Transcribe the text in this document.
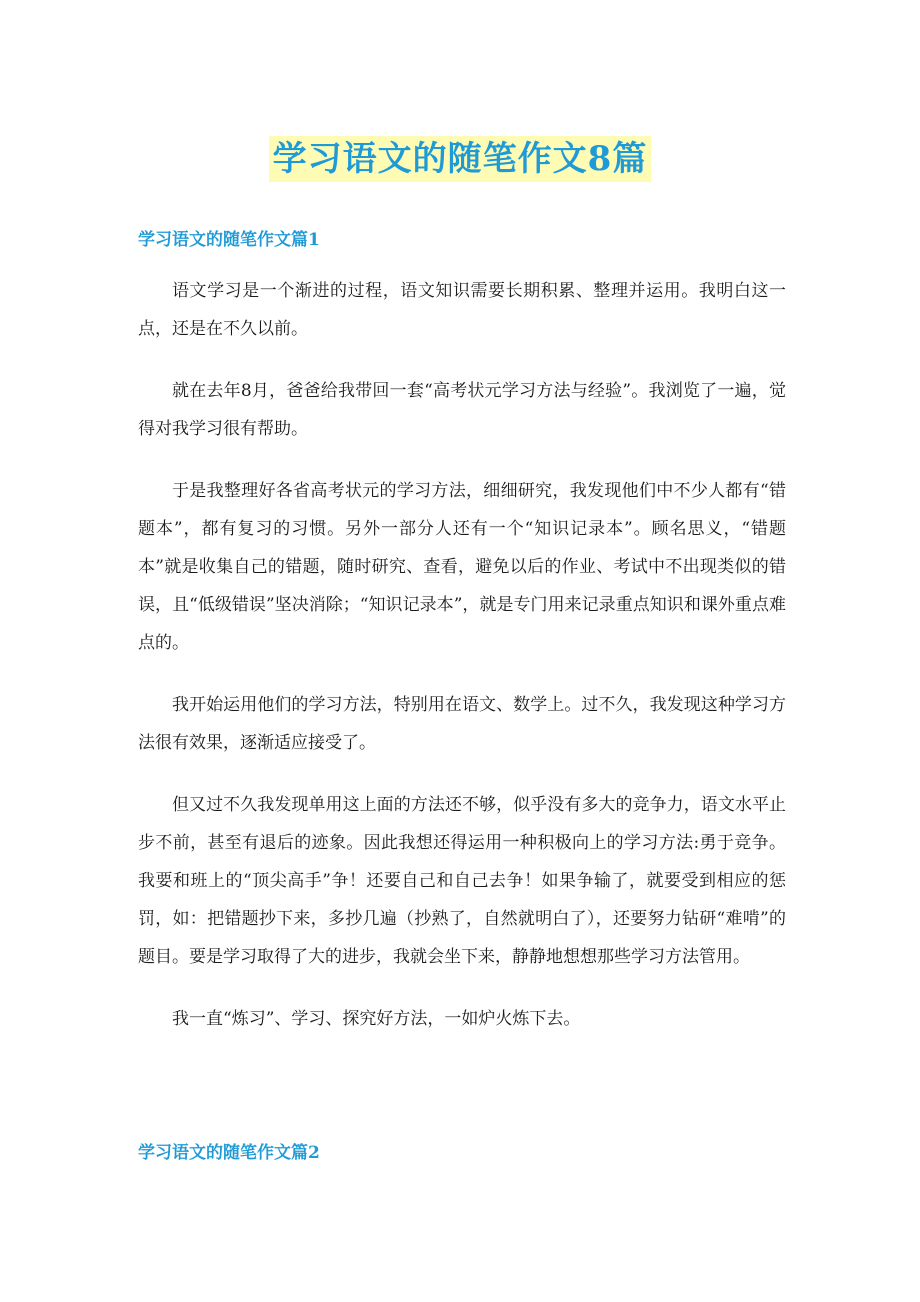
学习语文的随笔作文8篇
学习语文的随笔作文篇1

语文学习是一个渐进的过程，语文知识需要长期积累、整理并运用。我明白这一点，还是在不久以前。

就在去年8月，爸爸给我带回一套“高考状元学习方法与经验”。我浏览了一遍，觉得对我学习很有帮助。

于是我整理好各省高考状元的学习方法，细细研究，我发现他们中不少人都有“错题本”，都有复习的习惯。另外一部分人还有一个“知识记录本”。顾名思义，“错题本”就是收集自己的错题，随时研究、查看，避免以后的作业、考试中不出现类似的错误，且“低级错误”坚决消除；“知识记录本”，就是专门用来记录重点知识和课外重点难点的。

我开始运用他们的学习方法，特别用在语文、数学上。过不久，我发现这种学习方法很有效果，逐渐适应接受了。

但又过不久我发现单用这上面的方法还不够，似乎没有多大的竞争力，语文水平止步不前，甚至有退后的迹象。因此我想还得运用一种积极向上的学习方法:勇于竞争。我要和班上的“顶尖高手”争！还要自己和自己去争！如果争输了，就要受到相应的惩罚，如：把错题抄下来，多抄几遍（抄熟了，自然就明白了），还要努力钻研“难啃”的题目。要是学习取得了大的进步，我就会坐下来，静静地想想那些学习方法管用。

我一直“炼习”、学习、探究好方法，一如炉火炼下去。

学习语文的随笔作文篇2
